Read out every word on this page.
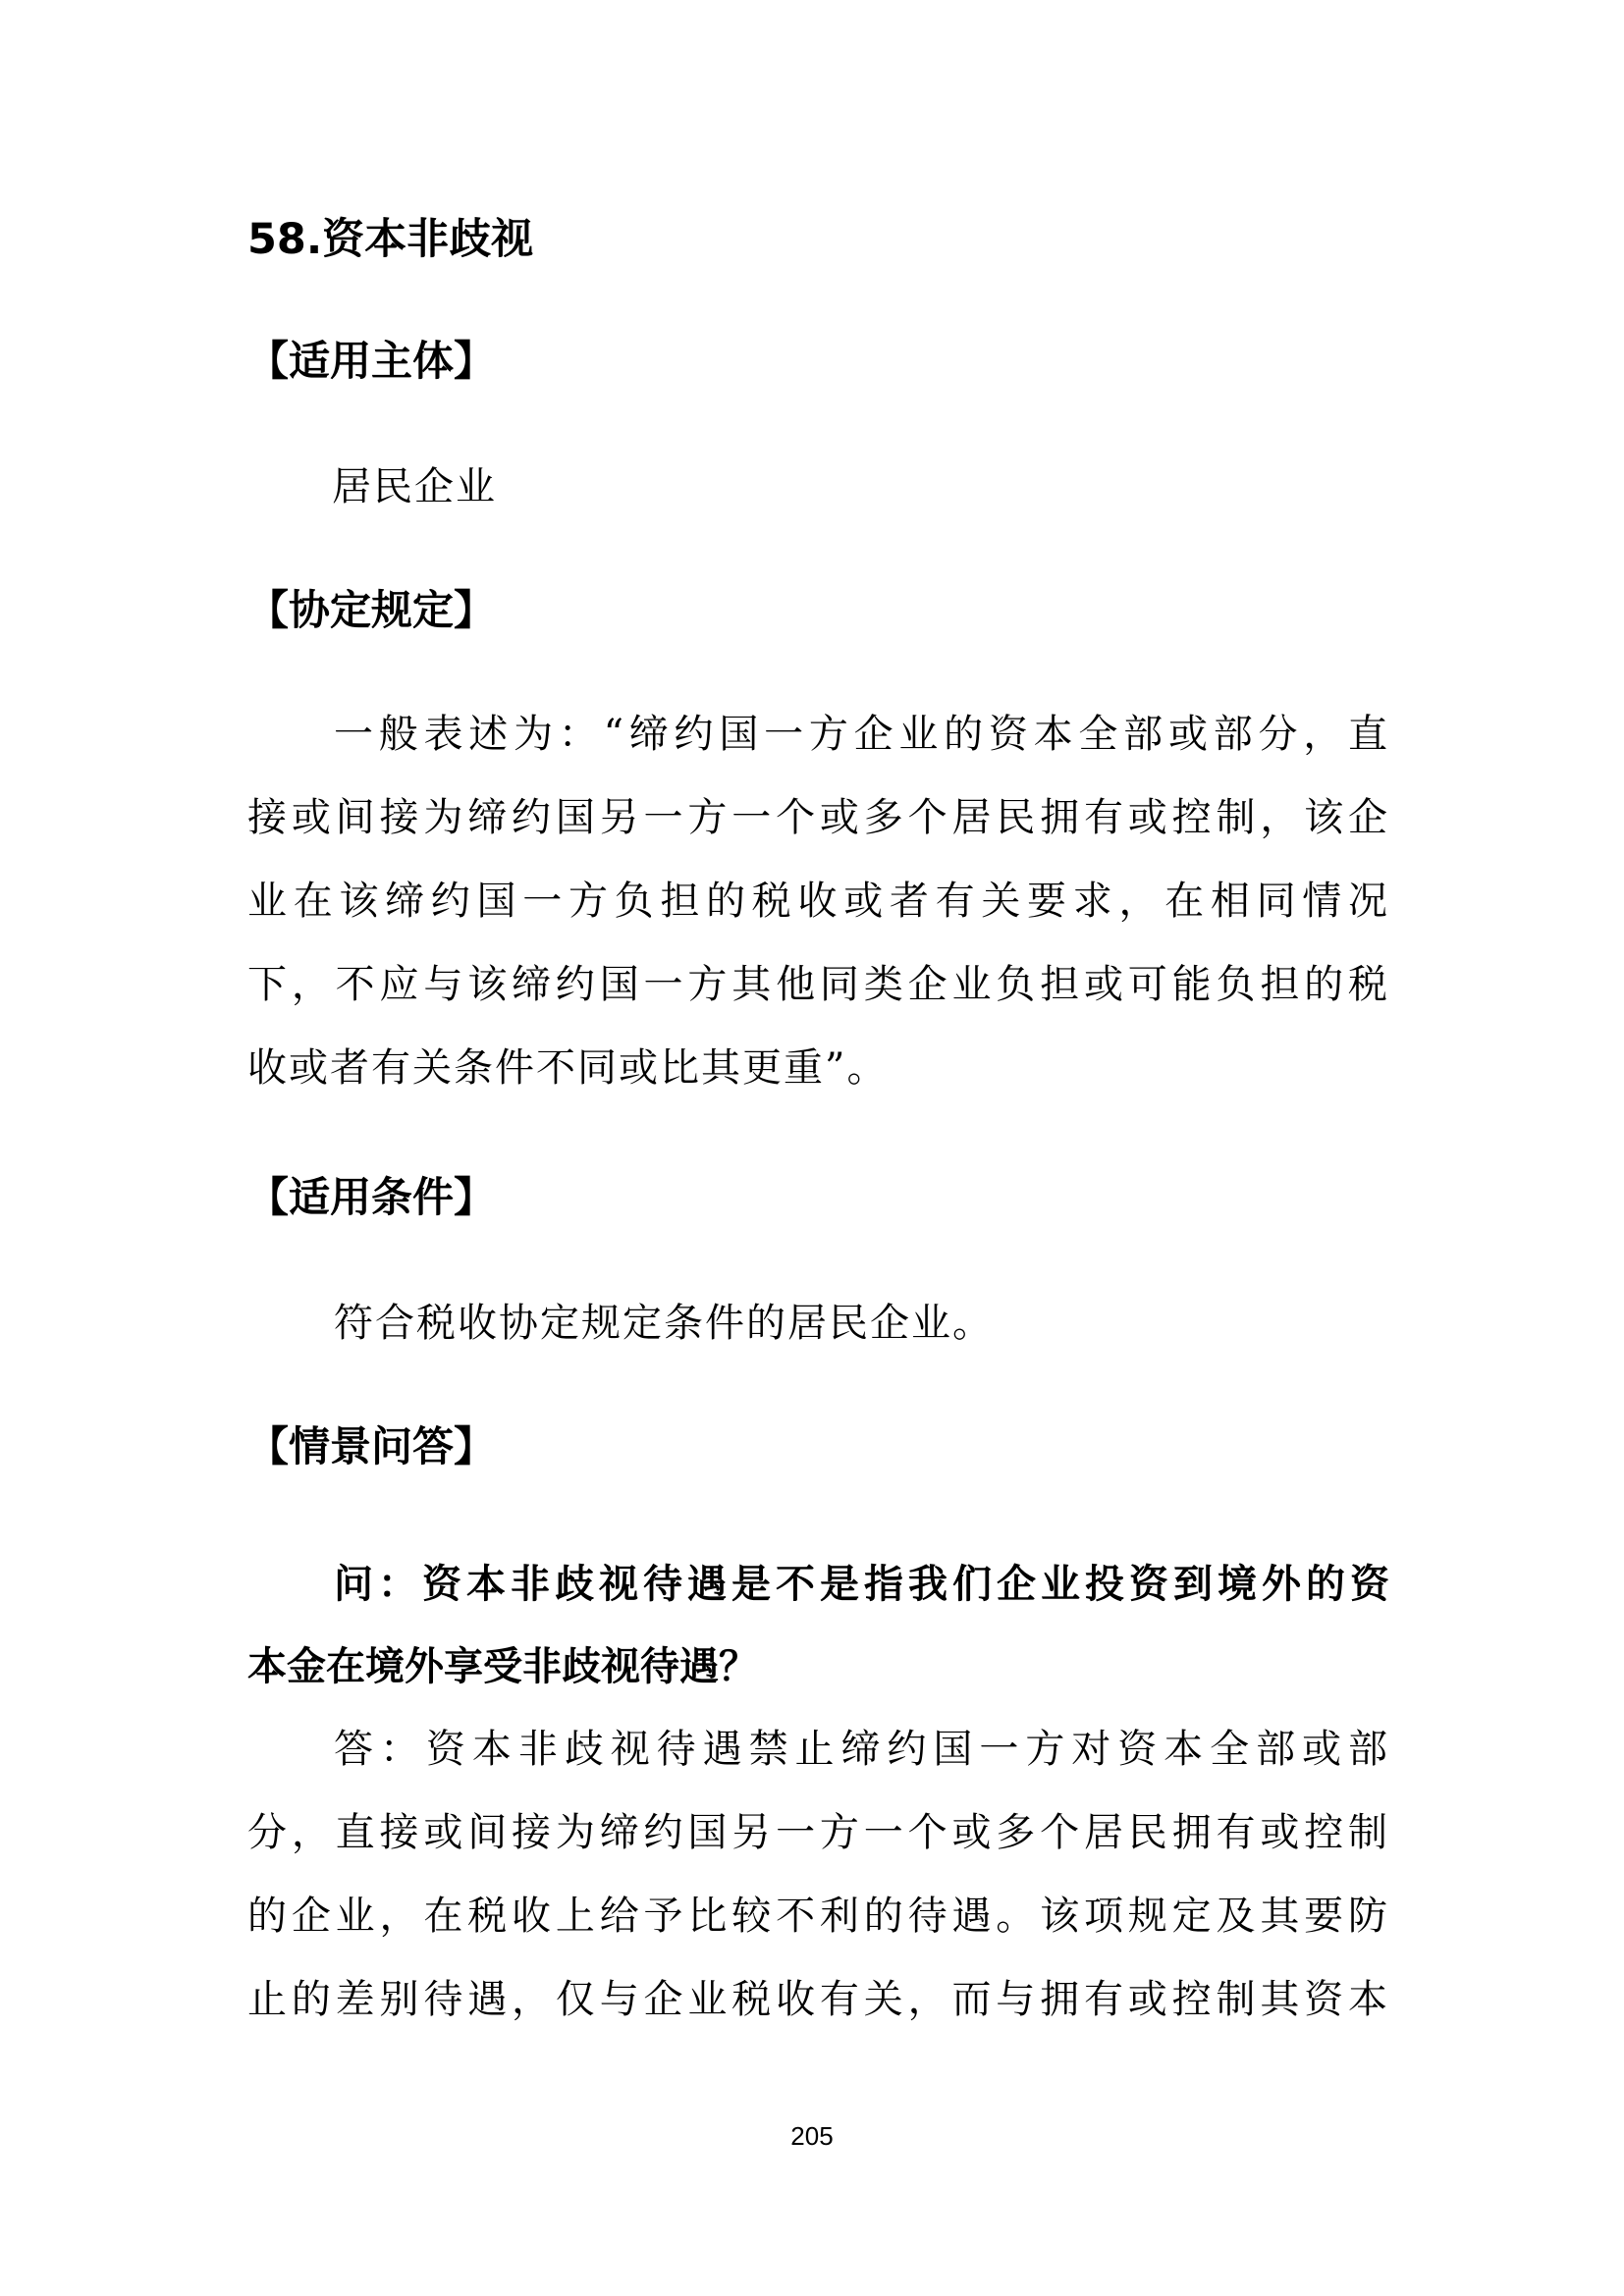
58.资本非歧视
【适用主体】
居民企业
【协定规定】
一般表述为：“缔约国一方企业的资本全部或部分，直
接或间接为缔约国另一方一个或多个居民拥有或控制，该企
业在该缔约国一方负担的税收或者有关要求，在相同情况
下，不应与该缔约国一方其他同类企业负担或可能负担的税
收或者有关条件不同或比其更重”。
【适用条件】
符合税收协定规定条件的居民企业。
【情景问答】
问：资本非歧视待遇是不是指我们企业投资到境外的资
本金在境外享受非歧视待遇？
答：资本非歧视待遇禁止缔约国一方对资本全部或部
分，直接或间接为缔约国另一方一个或多个居民拥有或控制
的企业，在税收上给予比较不利的待遇。该项规定及其要防
止的差别待遇，仅与企业税收有关，而与拥有或控制其资本
205
